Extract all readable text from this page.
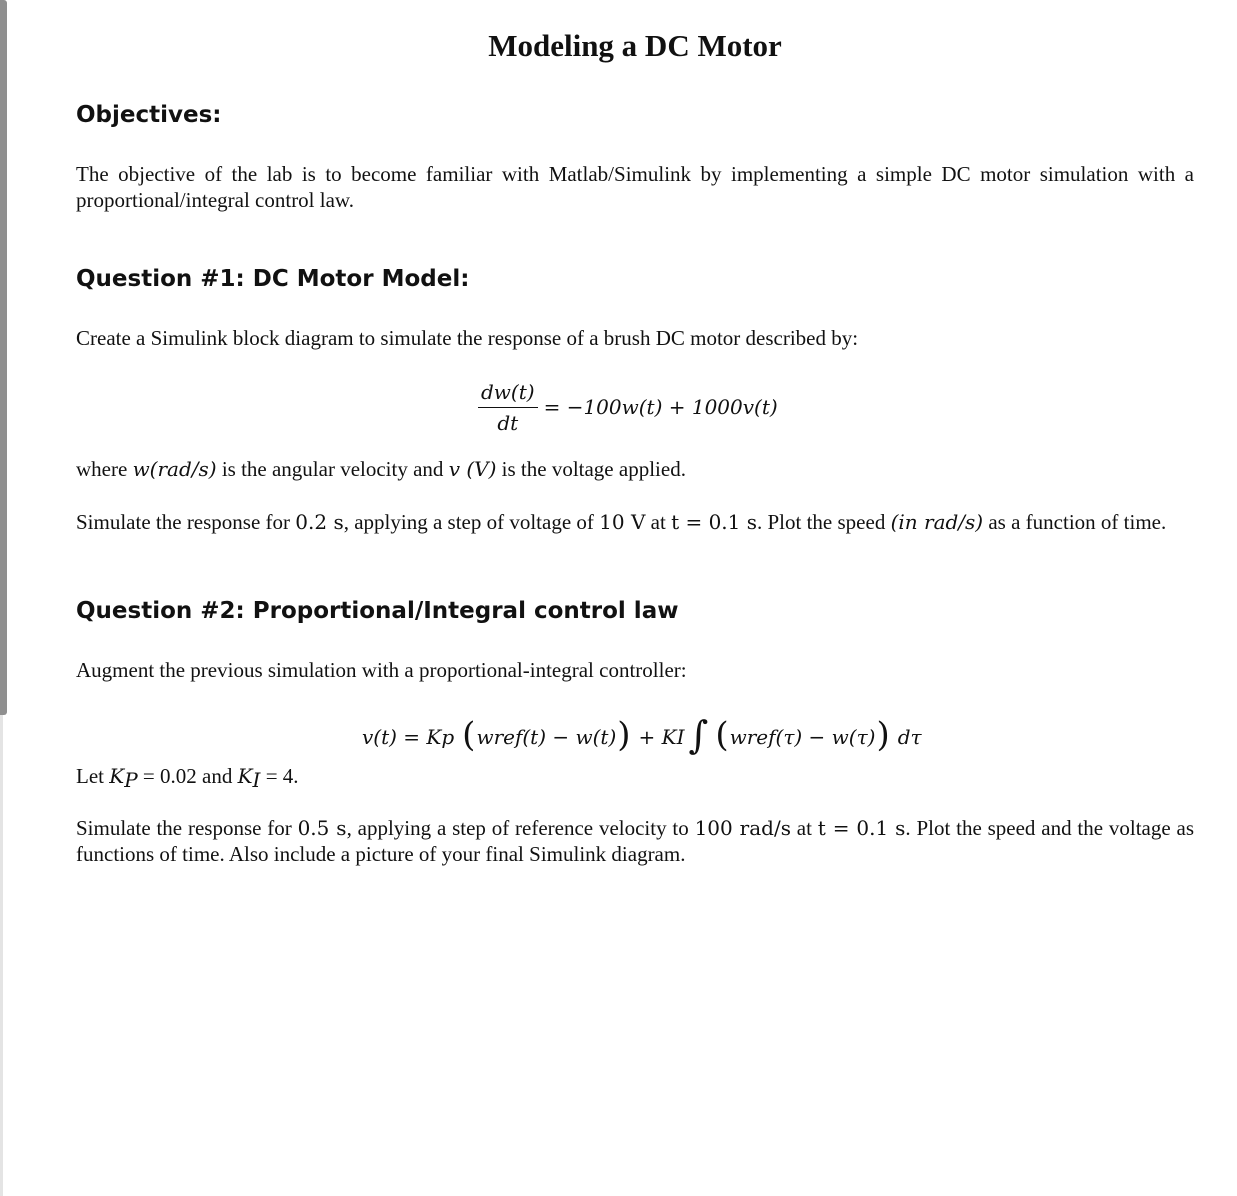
Modeling a DC Motor
Objectives:
The objective of the lab is to become familiar with Matlab/Simulink by implementing a simple DC motor simulation with a proportional/integral control law.
Question #1: DC Motor Model:
Create a Simulink block diagram to simulate the response of a brush DC motor described by:
$\frac{dw(t)}{dt} = -100w(t) + 1000v(t)$
where w(rad/s) is the angular velocity and v (V) is the voltage applied.
Simulate the response for 0.2 s, applying a step of voltage of 10 V at t = 0.1 s. Plot the speed (in rad/s) as a function of time.
Question #2: Proportional/Integral control law
Augment the previous simulation with a proportional-integral controller:
v(t) = K p ( w ref (t) − w(t) ) + K I ∫ ( w ref (τ) − w(τ) ) dτ
Let $K_P = 0.02$ and $K_I = 4$.
Simulate the response for 0.5 s, applying a step of reference velocity to 100 rad/s at t = 0.1 s. Plot the speed and the voltage as functions of time. Also include a picture of your final Simulink diagram.
